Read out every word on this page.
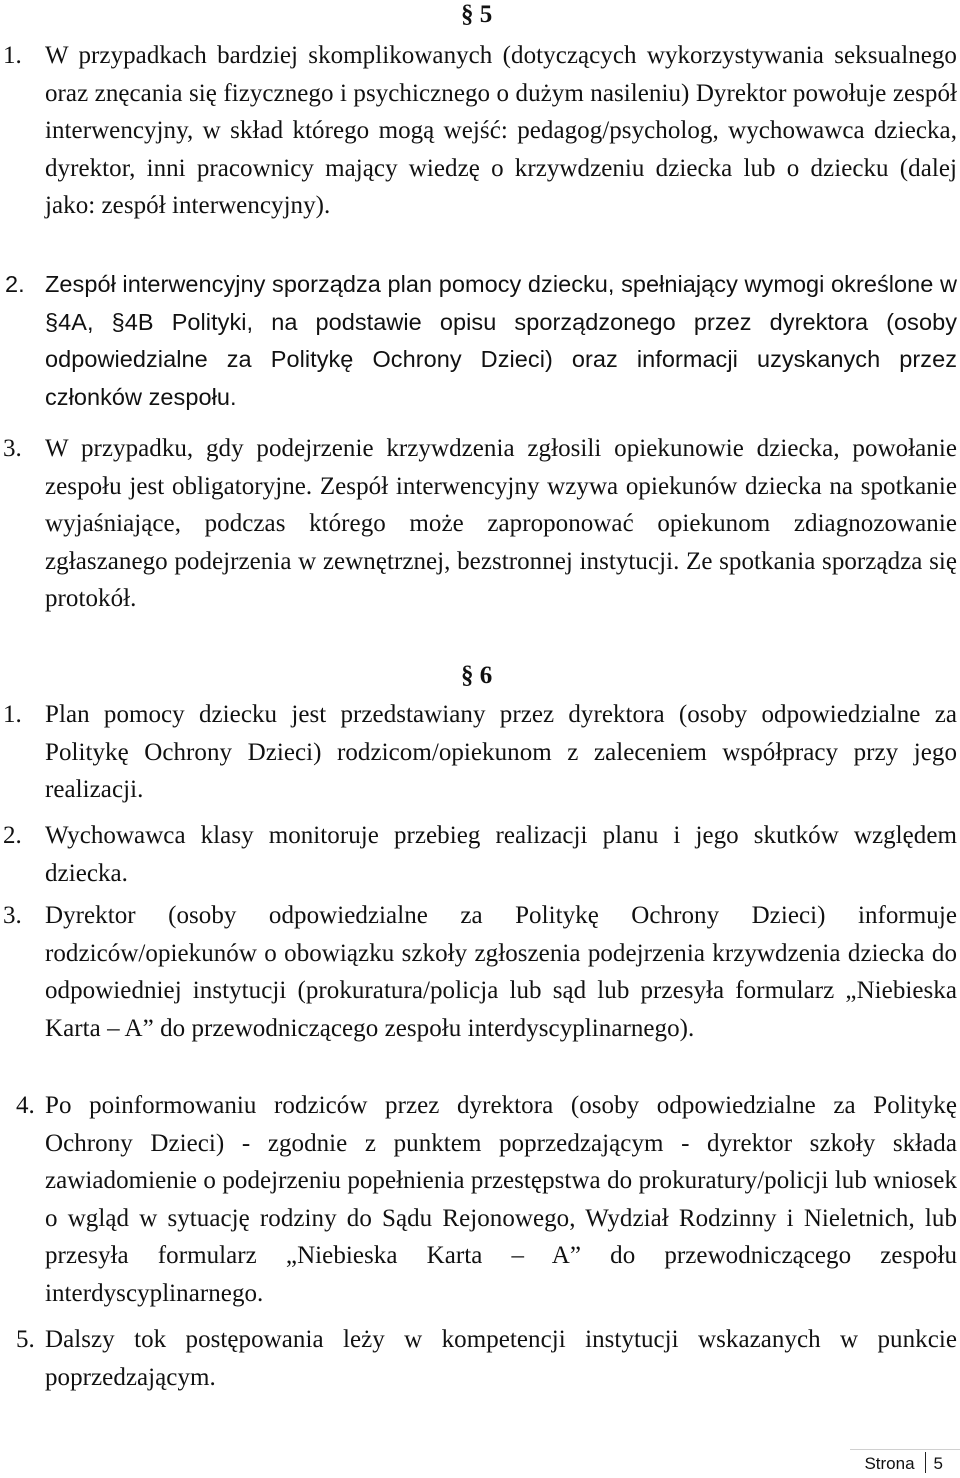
§ 5
1. W przypadkach bardziej skomplikowanych (dotyczących wykorzystywania seksualnego oraz znęcania się fizycznego i psychicznego o dużym nasileniu) Dyrektor powołuje zespół interwencyjny, w skład którego mogą wejść: pedagog/psycholog, wychowawca dziecka, dyrektor, inni pracownicy mający wiedzę o krzywdzeniu dziecka lub o dziecku (dalej jako: zespół interwencyjny).
2. Zespół interwencyjny sporządza plan pomocy dziecku, spełniający wymogi określone w §4A, §4B Polityki, na podstawie opisu sporządzonego przez dyrektora (osoby odpowiedzialne za Politykę Ochrony Dzieci) oraz informacji uzyskanych przez członków zespołu.
3. W przypadku, gdy podejrzenie krzywdzenia zgłosili opiekunowie dziecka, powołanie zespołu jest obligatoryjne. Zespół interwencyjny wzywa opiekunów dziecka na spotkanie wyjaśniające, podczas którego może zaproponować opiekunom zdiagnozowanie zgłaszanego podejrzenia w zewnętrznej, bezstronnej instytucji. Ze spotkania sporządza się protokół.
§ 6
1. Plan pomocy dziecku jest przedstawiany przez dyrektora (osoby odpowiedzialne za Politykę Ochrony Dzieci) rodzicom/opiekunom z zaleceniem współpracy przy jego realizacji.
2. Wychowawca klasy monitoruje przebieg realizacji planu i jego skutków względem dziecka.
3. Dyrektor (osoby odpowiedzialne za Politykę Ochrony Dzieci) informuje rodziców/opiekunów o obowiązku szkoły zgłoszenia podejrzenia krzywdzenia dziecka do odpowiedniej instytucji (prokuratura/policja lub sąd lub przesyła formularz „Niebieska Karta – A” do przewodniczącego zespołu interdyscyplinarnego).
4. Po poinformowaniu rodziców przez dyrektora (osoby odpowiedzialne za Politykę Ochrony Dzieci) - zgodnie z punktem poprzedzającym - dyrektor szkoły składa zawiadomienie o podejrzeniu popełnienia przestępstwa do prokuratury/policji lub wniosek o wgląd w sytuację rodziny do Sądu Rejonowego, Wydział Rodzinny i Nieletnich, lub przesyła formularz „Niebieska Karta – A” do przewodniczącego zespołu interdyscyplinarnego.
5. Dalszy tok postępowania leży w kompetencji instytucji wskazanych w punkcie poprzedzającym.
Strona 5
